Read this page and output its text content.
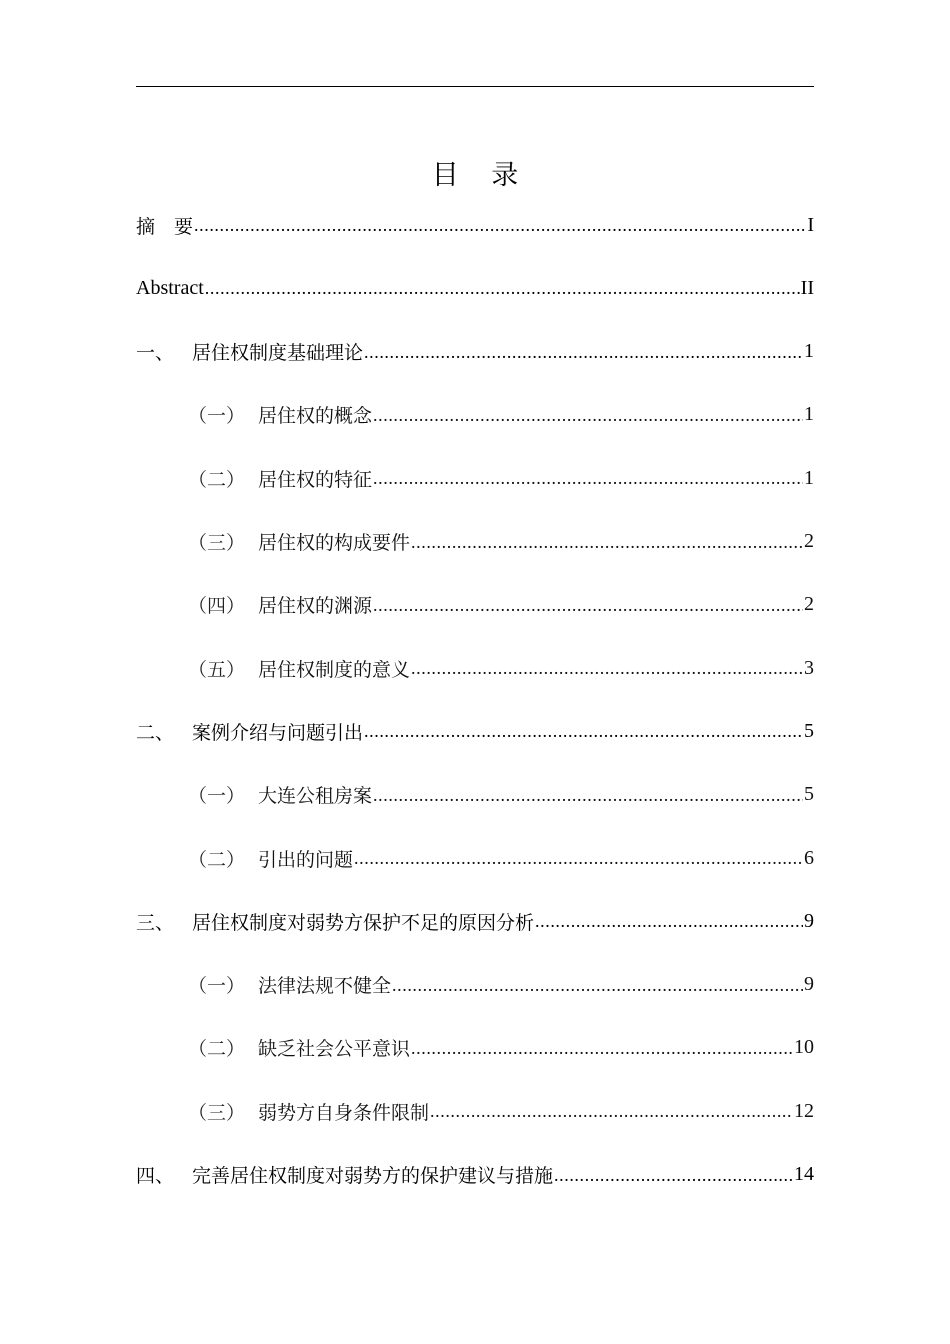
目 录
摘　要 .....	I
Abstract .....	II
一、 居住权制度基础理论 .....	1
（一） 居住权的概念 .....	1
（二） 居住权的特征 .....	1
（三） 居住权的构成要件 .....	2
（四） 居住权的渊源 .....	2
（五） 居住权制度的意义 .....	3
二、 案例介绍与问题引出 .....	5
（一） 大连公租房案 .....	5
（二） 引出的问题 .....	6
三、 居住权制度对弱势方保护不足的原因分析 .....	9
（一） 法律法规不健全 .....	9
（二） 缺乏社会公平意识 .....	10
（三） 弱势方自身条件限制 .....	12
四、 完善居住权制度对弱势方的保护建议与措施 .....	14
